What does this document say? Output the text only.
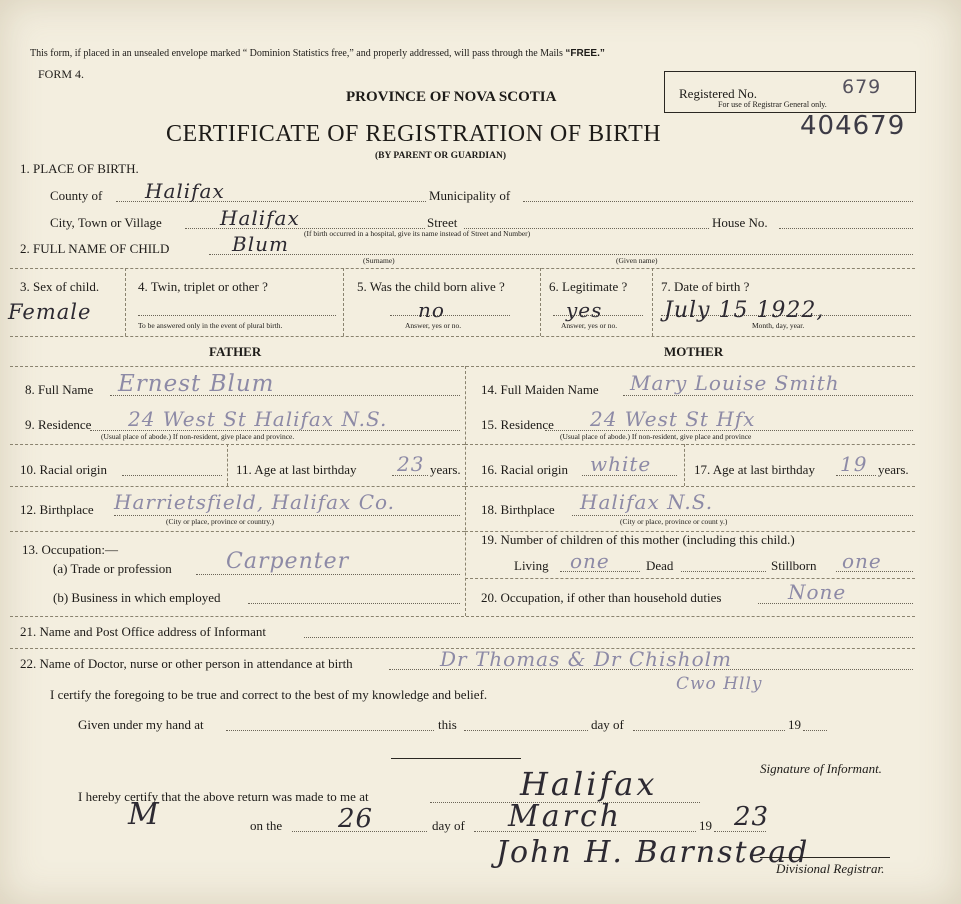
This form, if placed in an unsealed envelope marked “ Dominion Statistics free,” and properly addressed, will pass through the Mails “FREE.”
FORM 4.
PROVINCE OF NOVA SCOTIA
CERTIFICATE OF REGISTRATION OF BIRTH
(BY PARENT OR GUARDIAN)
Registered No.
For use of Registrar General only.
679
404679
1. PLACE OF BIRTH.
County of Halifax	Municipality of
City, Town or Village	Halifax	Street	House No.
(If birth occurred in a hospital, give its name instead of Street and Number)
2. FULL NAME OF CHILD	Blum
(Surname)	(Given name)
3. Sex of child.
Female
4. Twin, triplet or other ?
To be answered only in the event of plural birth.
5. Was the child born alive ?
no
Answer, yes or no.
6. Legitimate ?
yes
Answer, yes or no.
7. Date of birth ?
July 15 1922,
Month, day, year.
FATHER	MOTHER
8. Full Name Ernest Blum
9. Residence 24 West St Halifax N.S.
(Usual place of abode.) If non-resident, give place and province.
10. Racial origin	11. Age at last birthday 23 years.
12. Birthplace Harrietsfield, Halifax Co.
(City or place, province or country.)
13. Occupation:—
(a) Trade or profession Carpenter
(b) Business in which employed
14. Full Maiden Name Mary Louise Smith
15. Residence 24 West St Hfx
(Usual place of abode.) If non-resident, give place and province
16. Racial origin white	17. Age at last birthday 19 years.
18. Birthplace Halifax N.S.
(City or place, province or count y.)
19. Number of children of this mother (including this child.)
Living one	Dead	Stillborn one
20. Occupation, if other than household duties	None
21. Name and Post Office address of Informant
22. Name of Doctor, nurse or other person in attendance at birth	Dr Thomas & Dr Chisholm
Cwo Hlly
I certify the foregoing to be true and correct to the best of my knowledge and belief.
Given under my hand at	this	day of	19
Signature of Informant.
I hereby certify that the above return was made to me at	Halifax
M	on the 26	day of March	19 23
John H. Barnstead
Divisional Registrar.
